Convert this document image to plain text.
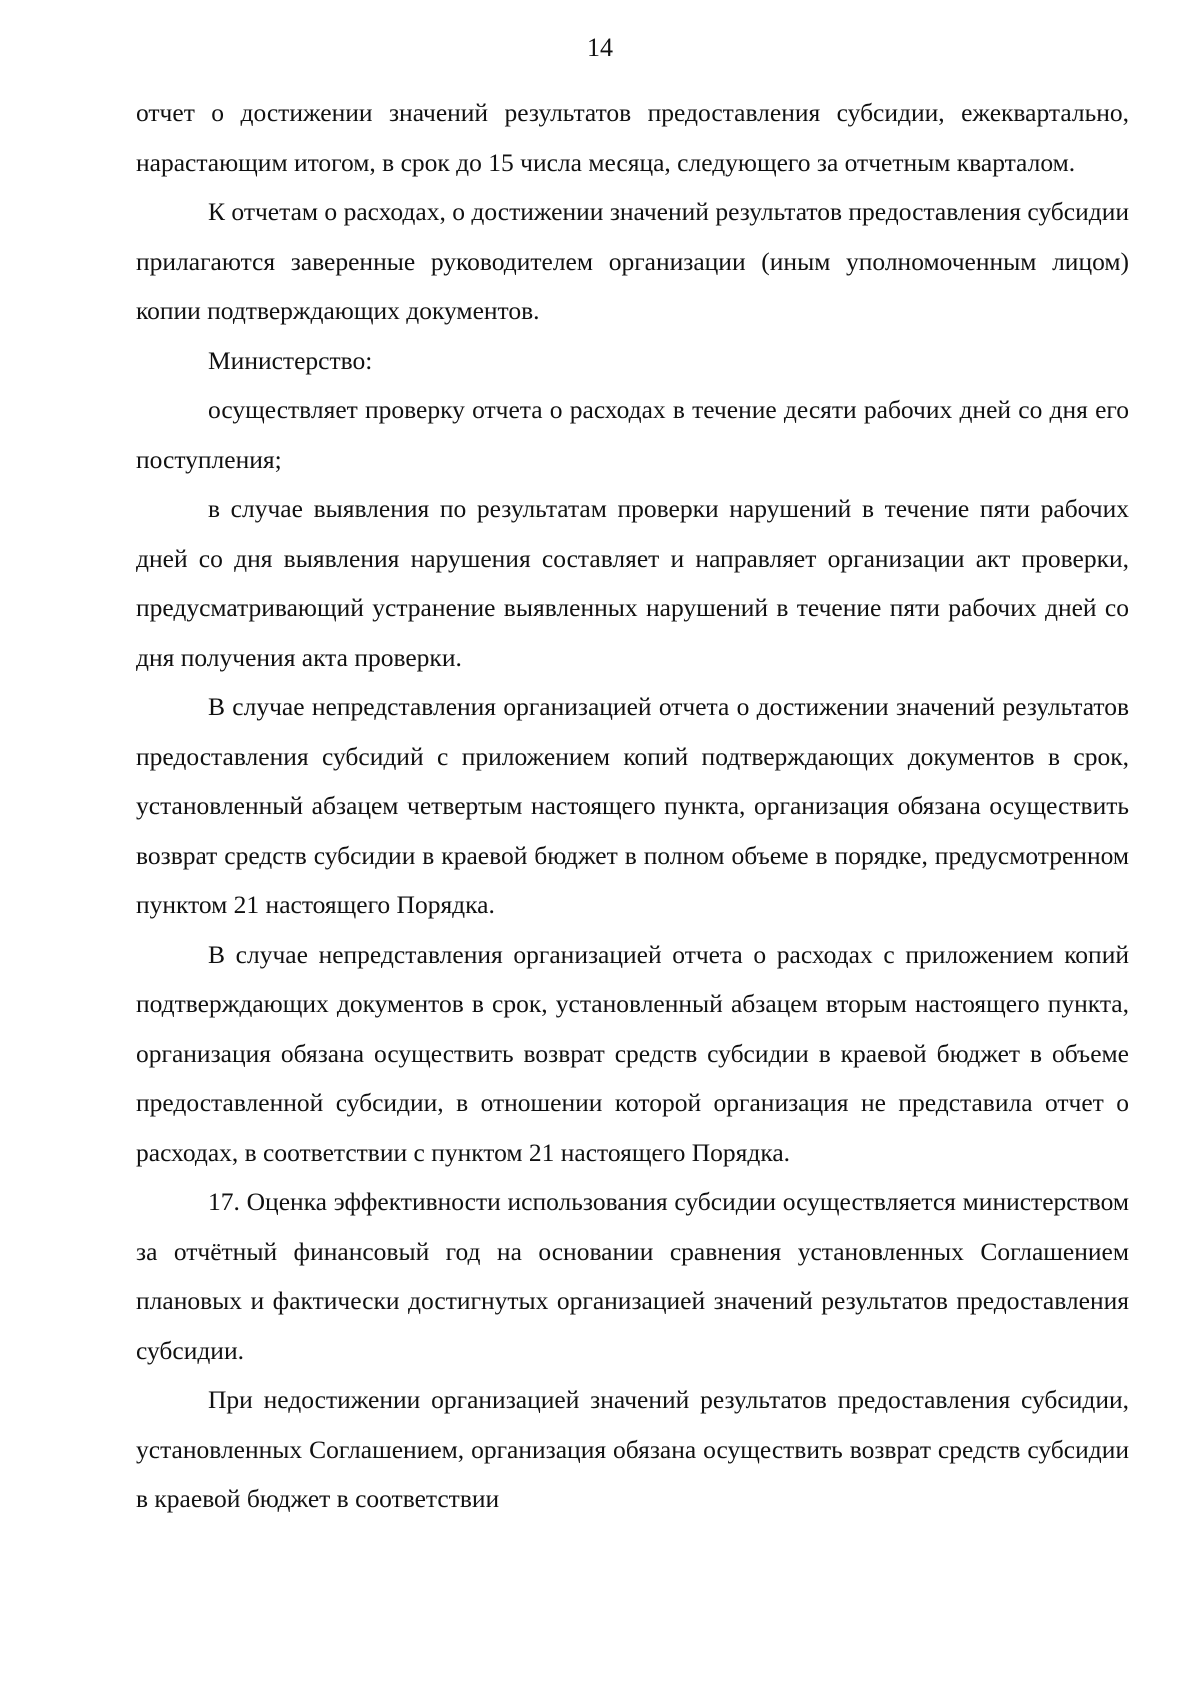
14

отчет о достижении значений результатов предоставления субсидии, ежеквартально, нарастающим итогом, в срок до 15 числа месяца, следующего за отчетным кварталом.

К отчетам о расходах, о достижении значений результатов предоставления субсидии прилагаются заверенные руководителем организации (иным уполномоченным лицом) копии подтверждающих документов.

Министерство:

осуществляет проверку отчета о расходах в течение десяти рабочих дней со дня его поступления;

в случае выявления по результатам проверки нарушений в течение пяти рабочих дней со дня выявления нарушения составляет и направляет организации акт проверки, предусматривающий устранение выявленных нарушений в течение пяти рабочих дней со дня получения акта проверки.

В случае непредставления организацией отчета о достижении значений результатов предоставления субсидий с приложением копий подтверждающих документов в срок, установленный абзацем четвертым настоящего пункта, организация обязана осуществить возврат средств субсидии в краевой бюджет в полном объеме в порядке, предусмотренном пунктом 21 настоящего Порядка.

В случае непредставления организацией отчета о расходах с приложением копий подтверждающих документов в срок, установленный абзацем вторым настоящего пункта, организация обязана осуществить возврат средств субсидии в краевой бюджет в объеме предоставленной субсидии, в отношении которой организация не представила отчет о расходах, в соответствии с пунктом 21 настоящего Порядка.

17. Оценка эффективности использования субсидии осуществляется министерством за отчётный финансовый год на основании сравнения установленных Соглашением плановых и фактически достигнутых организацией значений результатов предоставления субсидии.

При недостижении организацией значений результатов предоставления субсидии, установленных Соглашением, организация обязана осуществить возврат средств субсидии в краевой бюджет в соответствии
